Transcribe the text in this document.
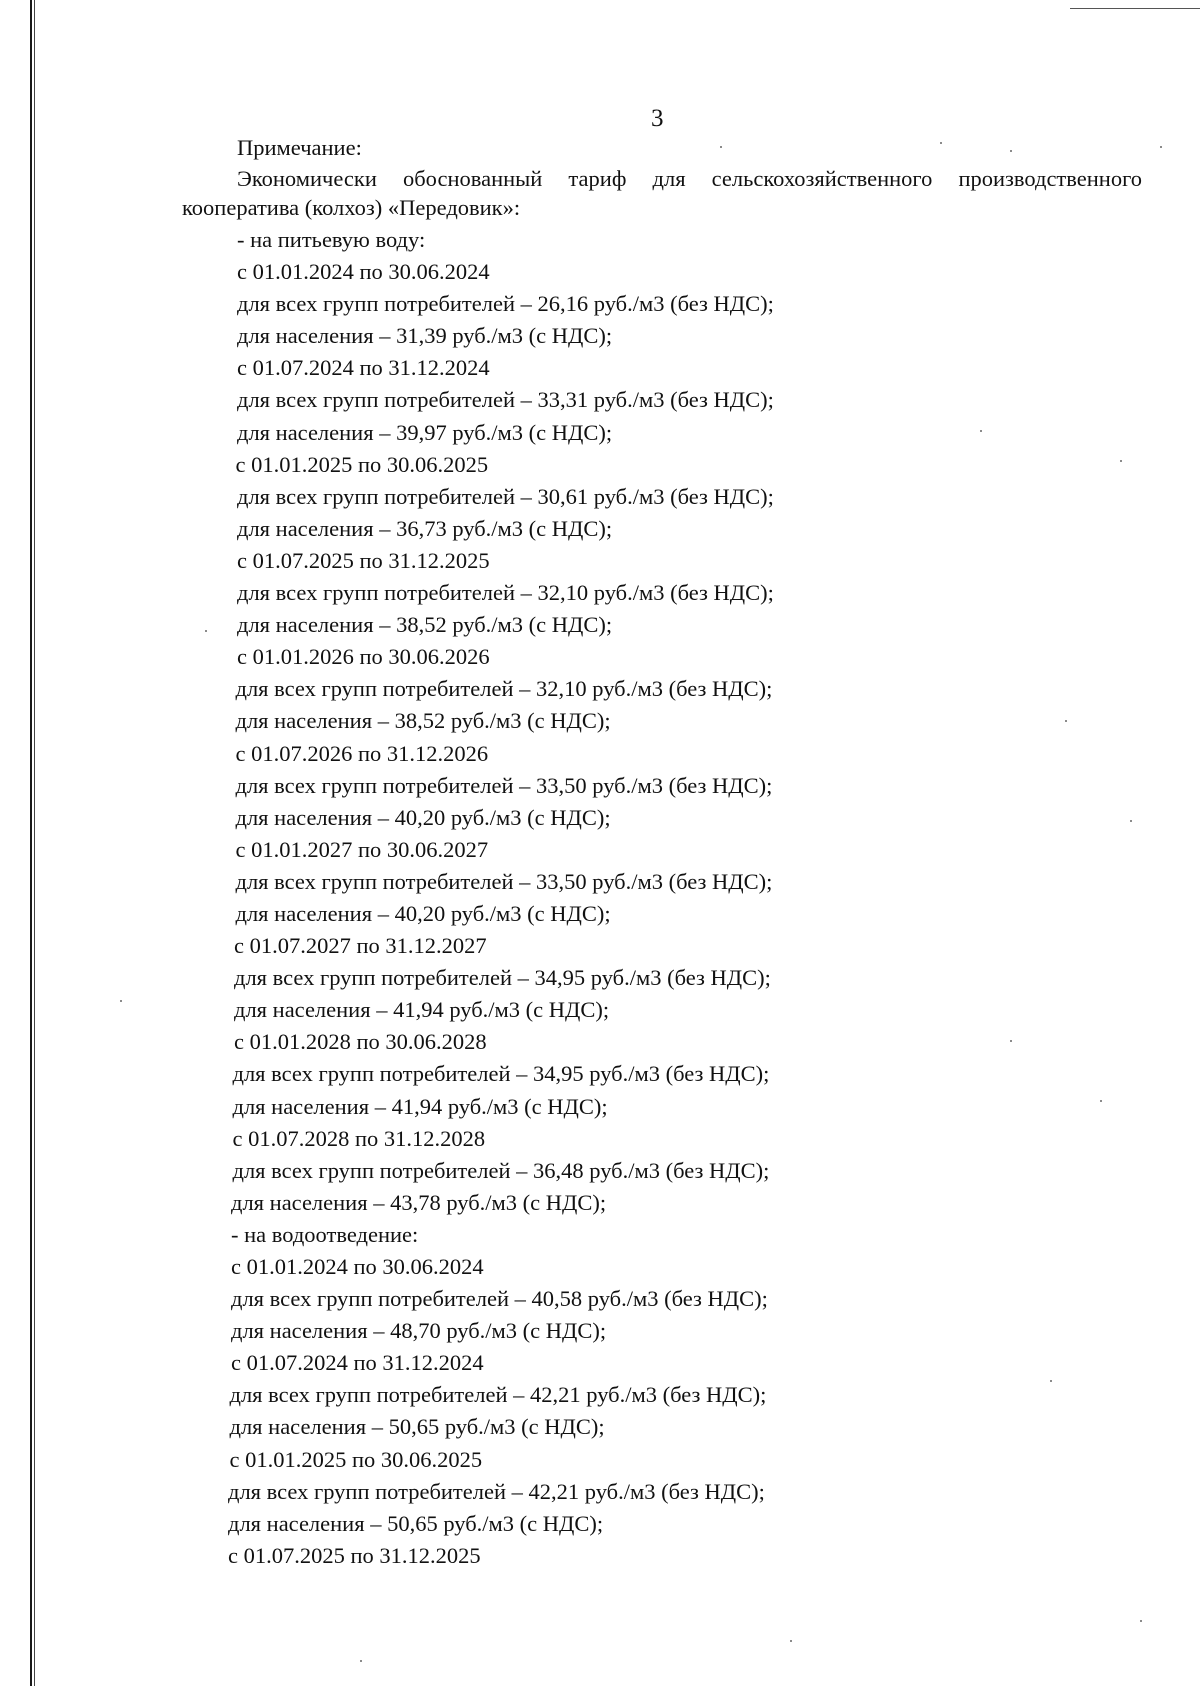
3
Примечание:

Экономически обоснованный тариф для сельскохозяйственного производственного кооператива (колхоз) «Передовик»:

- на питьевую воду:
с 01.01.2024 по 30.06.2024
для всех групп потребителей – 26,16 руб./м3 (без НДС);
для населения – 31,39 руб./м3 (с НДС);
с 01.07.2024 по 31.12.2024
для всех групп потребителей – 33,31 руб./м3 (без НДС);
для населения – 39,97 руб./м3 (с НДС);
с 01.01.2025 по 30.06.2025
для всех групп потребителей – 30,61 руб./м3 (без НДС);
для населения – 36,73 руб./м3 (с НДС);
с 01.07.2025 по 31.12.2025
для всех групп потребителей – 32,10 руб./м3 (без НДС);
для населения – 38,52 руб./м3 (с НДС);
с 01.01.2026 по 30.06.2026
для всех групп потребителей – 32,10 руб./м3 (без НДС);
для населения – 38,52 руб./м3 (с НДС);
с 01.07.2026 по 31.12.2026
для всех групп потребителей – 33,50 руб./м3 (без НДС);
для населения – 40,20 руб./м3 (с НДС);
с 01.01.2027 по 30.06.2027
для всех групп потребителей – 33,50 руб./м3 (без НДС);
для населения – 40,20 руб./м3 (с НДС);
с 01.07.2027 по 31.12.2027
для всех групп потребителей – 34,95 руб./м3 (без НДС);
для населения – 41,94 руб./м3 (с НДС);
с 01.01.2028 по 30.06.2028
для всех групп потребителей – 34,95 руб./м3 (без НДС);
для населения – 41,94 руб./м3 (с НДС);
с 01.07.2028 по 31.12.2028
для всех групп потребителей – 36,48 руб./м3 (без НДС);
для населения – 43,78 руб./м3 (с НДС);
- на водоотведение:
с 01.01.2024 по 30.06.2024
для всех групп потребителей – 40,58 руб./м3 (без НДС);
для населения – 48,70 руб./м3 (с НДС);
с 01.07.2024 по 31.12.2024
для всех групп потребителей – 42,21 руб./м3 (без НДС);
для населения – 50,65 руб./м3 (с НДС);
с 01.01.2025 по 30.06.2025
для всех групп потребителей – 42,21 руб./м3 (без НДС);
для населения – 50,65 руб./м3 (с НДС);
с 01.07.2025 по 31.12.2025
